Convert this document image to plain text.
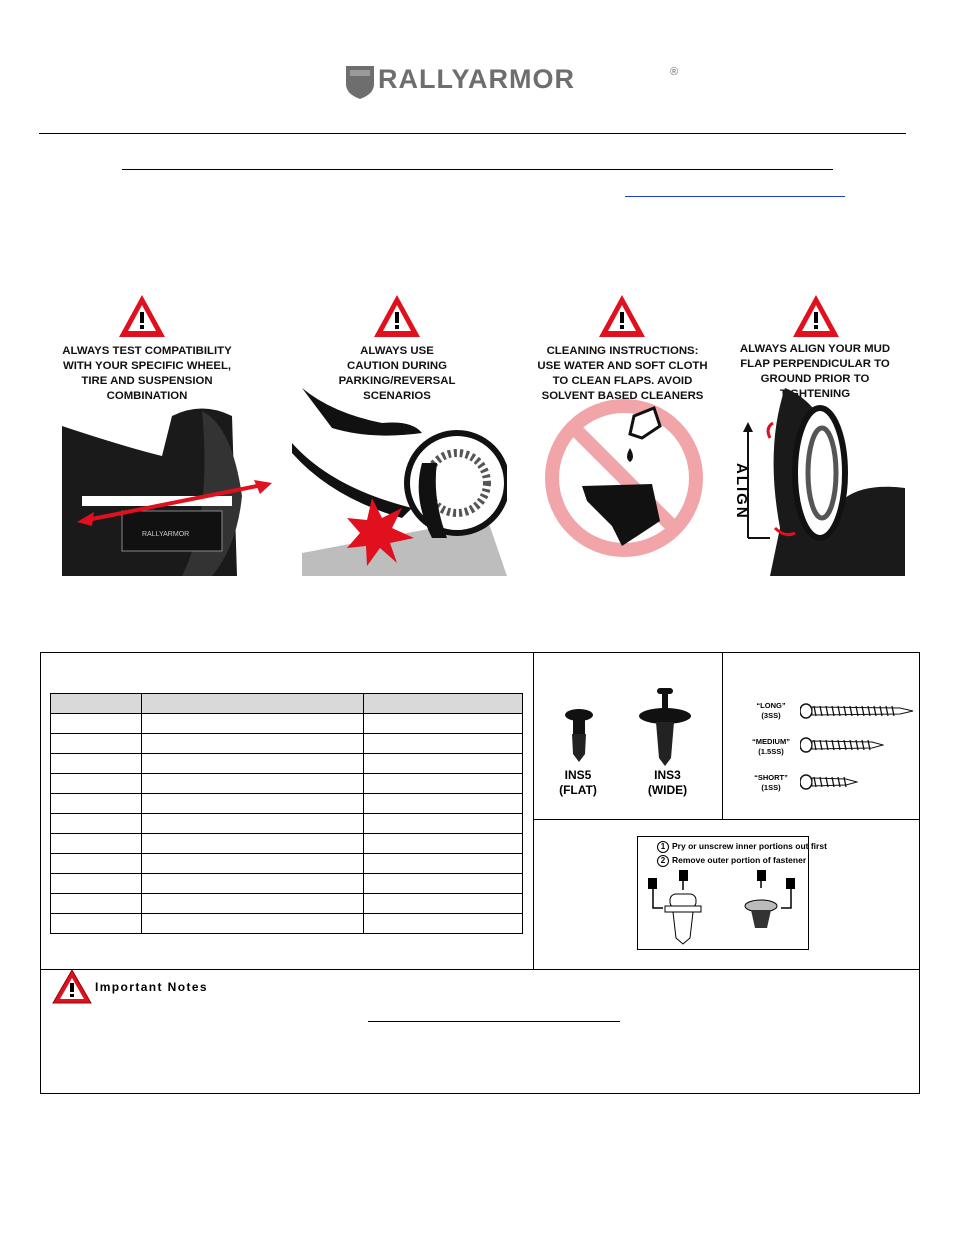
RALLYARMOR	®
ALWAYS TEST COMPATIBILITY
WITH YOUR SPECIFIC WHEEL,
TIRE AND SUSPENSION
COMBINATION
RALLYARMOR
ALWAYS USE
CAUTION DURING
PARKING/REVERSAL
SCENARIOS
CLEANING INSTRUCTIONS:
USE WATER AND SOFT CLOTH
TO CLEAN FLAPS. AVOID
SOLVENT BASED CLEANERS
ALWAYS ALIGN YOUR MUD
FLAP PERPENDICULAR TO
GROUND PRIOR TO TIGHTENING
ALIGN

INS5
(FLAT)
INS3
(WIDE)
“LONG”
(3SS)
“MEDIUM”
(1.5SS)
“SHORT”
(1SS)
1 Pry or unscrew inner portions out first
2 Remove outer portion of fastener
Important Notes
